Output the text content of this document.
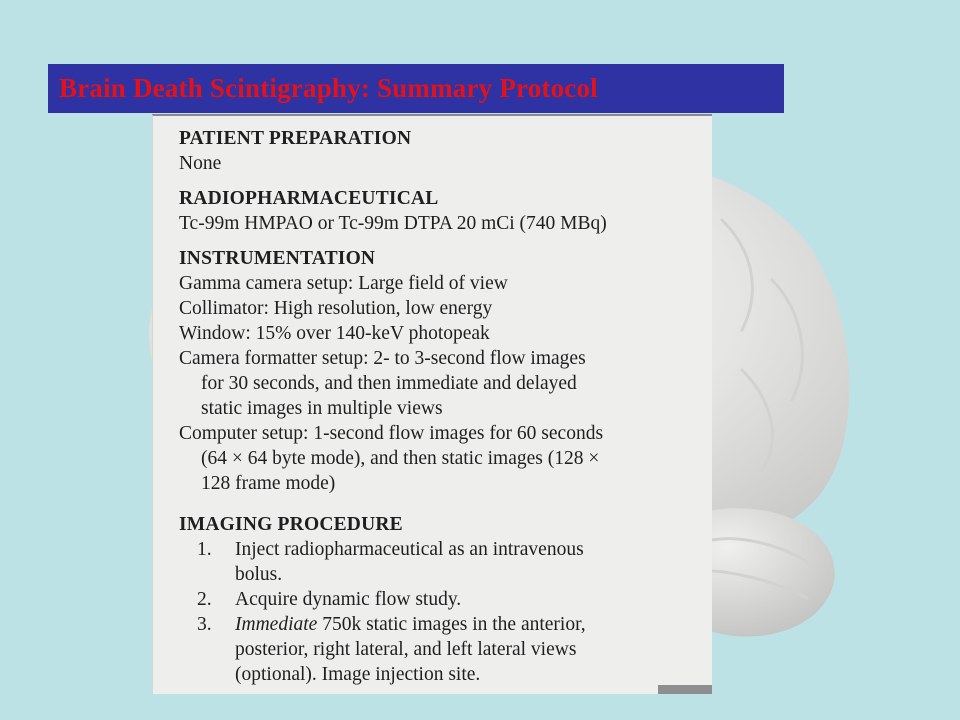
Brain Death Scintigraphy: Summary Protocol
PATIENT PREPARATION
None
RADIOPHARMACEUTICAL
Tc-99m HMPAO or Tc-99m DTPA 20 mCi (740 MBq)
INSTRUMENTATION
Gamma camera setup: Large field of view
Collimator: High resolution, low energy
Window: 15% over 140-keV photopeak
Camera formatter setup: 2- to 3-second flow images
for 30 seconds, and then immediate and delayed
static images in multiple views
Computer setup: 1-second flow images for 60 seconds
(64 × 64 byte mode), and then static images (128 ×
128 frame mode)
IMAGING PROCEDURE
1.	Inject radiopharmaceutical as an intravenous
bolus.
2.	Acquire dynamic flow study.
3.	Immediate 750k static images in the anterior,
posterior, right lateral, and left lateral views
(optional). Image injection site.
